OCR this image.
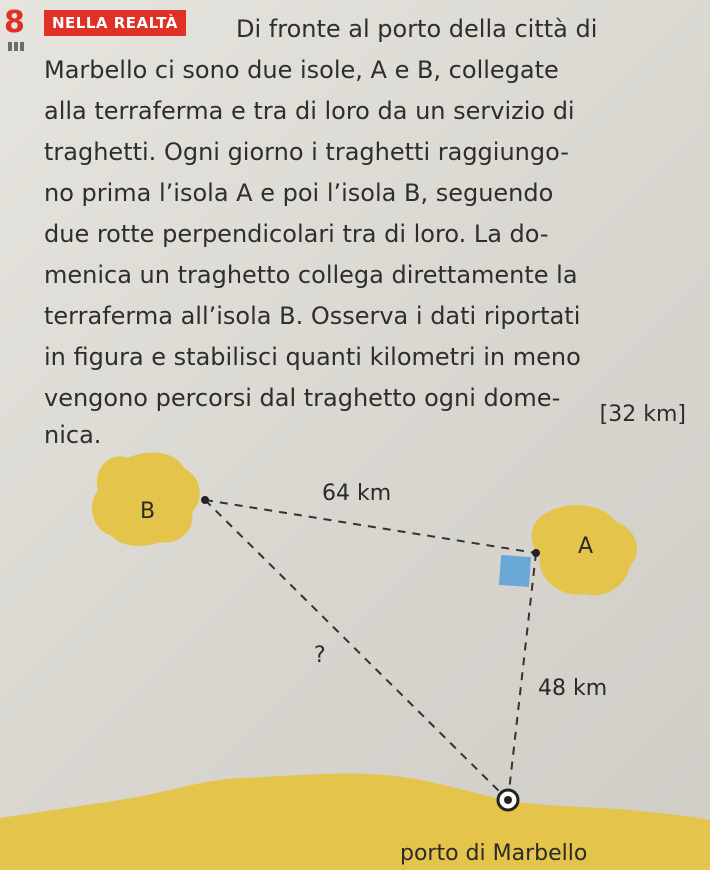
8	NELLA REALTÀ	Di fronte al porto della città di
Marbello ci sono due isole, A e B, collegate
alla terraferma e tra di loro da un servizio di
traghetti. Ogni giorno i traghetti raggiungo-
no prima l’isola A e poi l’isola B, seguendo
due rotte perpendicolari tra di loro. La do-
menica un traghetto collega direttamente la
terraferma all’isola B. Osserva i dati riportati
in figura e stabilisci quanti kilometri in meno
vengono percorsi dal traghetto ogni dome-
nica.
[32 km]
B
A
64 km
48 km
?
porto di Marbello
